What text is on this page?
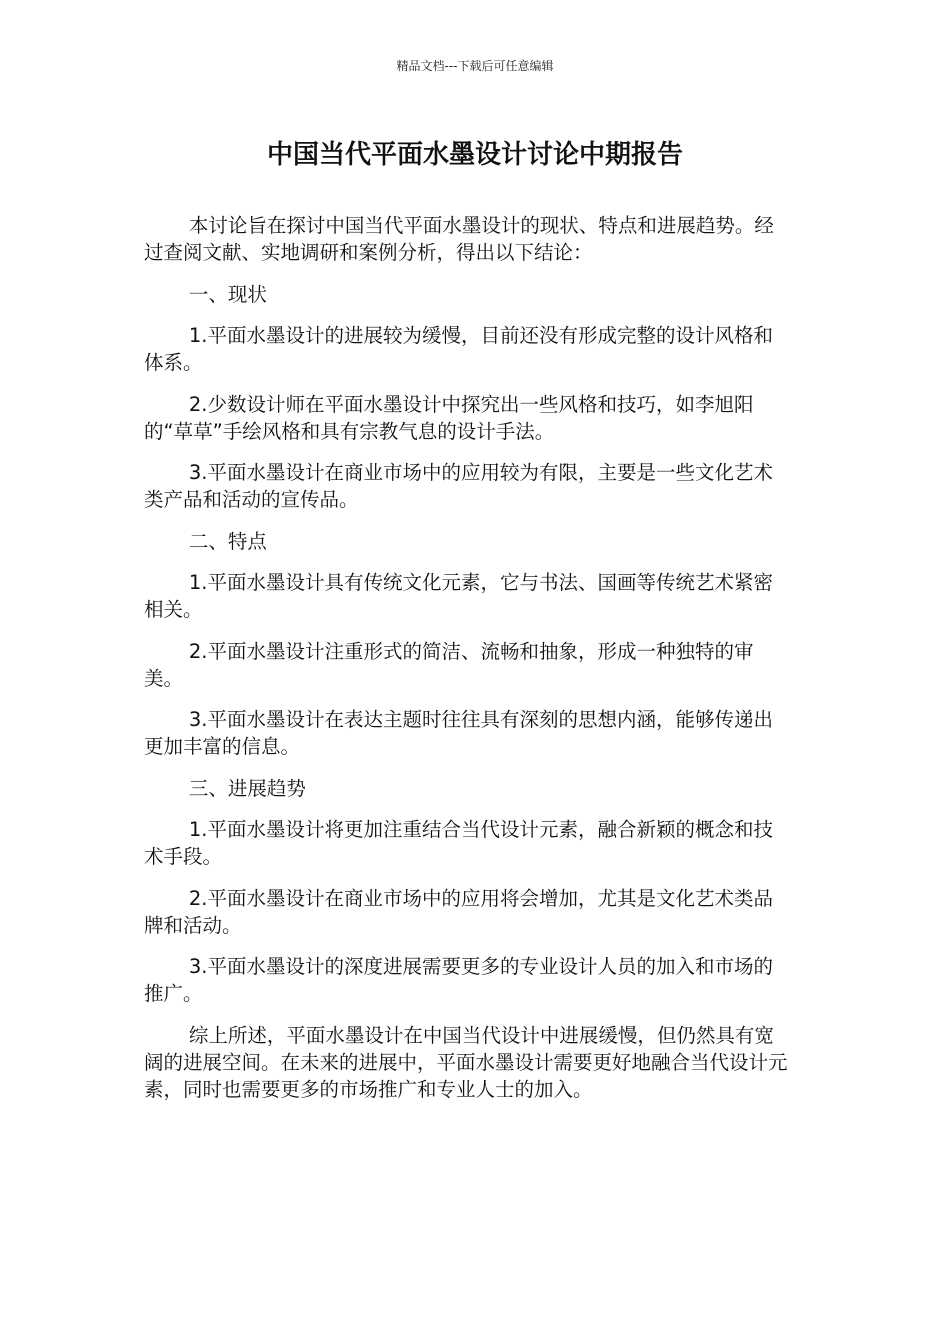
精品文档---下载后可任意编辑
中国当代平面水墨设计讨论中期报告

本讨论旨在探讨中国当代平面水墨设计的现状、特点和进展趋势。经过查阅文献、实地调研和案例分析，得出以下结论：

一、现状

1.平面水墨设计的进展较为缓慢，目前还没有形成完整的设计风格和体系。

2.少数设计师在平面水墨设计中探究出一些风格和技巧，如李旭阳的“草草”手绘风格和具有宗教气息的设计手法。

3.平面水墨设计在商业市场中的应用较为有限，主要是一些文化艺术类产品和活动的宣传品。

二、特点

1.平面水墨设计具有传统文化元素，它与书法、国画等传统艺术紧密相关。

2.平面水墨设计注重形式的简洁、流畅和抽象，形成一种独特的审美。

3.平面水墨设计在表达主题时往往具有深刻的思想内涵，能够传递出更加丰富的信息。

三、进展趋势

1.平面水墨设计将更加注重结合当代设计元素，融合新颖的概念和技术手段。

2.平面水墨设计在商业市场中的应用将会增加，尤其是文化艺术类品牌和活动。

3.平面水墨设计的深度进展需要更多的专业设计人员的加入和市场的推广。

综上所述，平面水墨设计在中国当代设计中进展缓慢，但仍然具有宽阔的进展空间。在未来的进展中，平面水墨设计需要更好地融合当代设计元素，同时也需要更多的市场推广和专业人士的加入。
